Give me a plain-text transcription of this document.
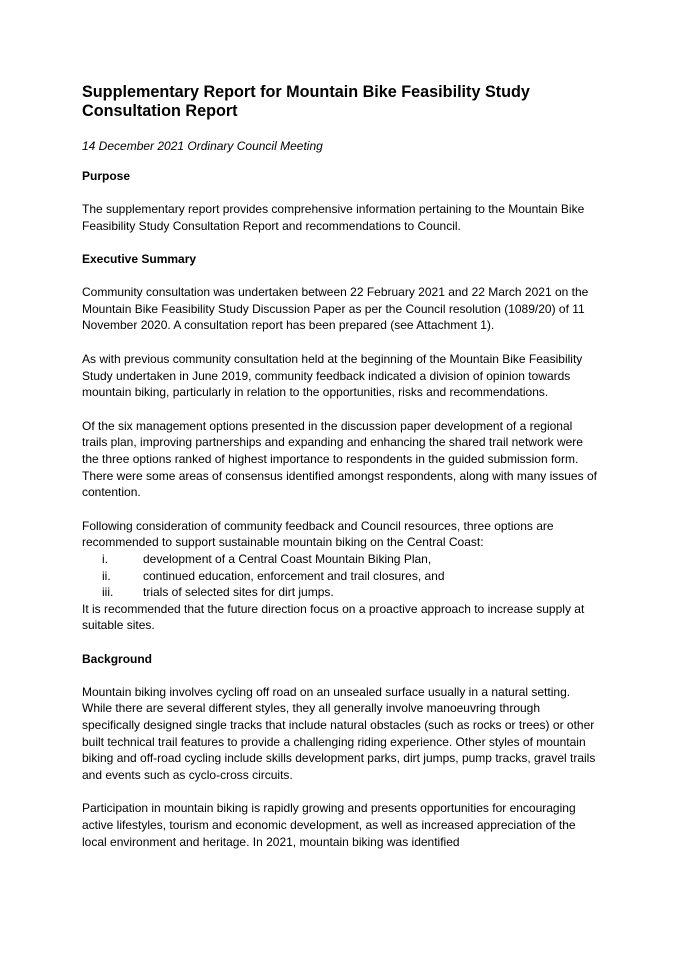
Supplementary Report for Mountain Bike Feasibility Study Consultation Report

14 December 2021 Ordinary Council Meeting

Purpose

The supplementary report provides comprehensive information pertaining to the Mountain Bike Feasibility Study Consultation Report and recommendations to Council.

Executive Summary

Community consultation was undertaken between 22 February 2021 and 22 March 2021 on the Mountain Bike Feasibility Study Discussion Paper as per the Council resolution (1089/20) of 11 November 2020. A consultation report has been prepared (see Attachment 1).

As with previous community consultation held at the beginning of the Mountain Bike Feasibility Study undertaken in June 2019, community feedback indicated a division of opinion towards mountain biking, particularly in relation to the opportunities, risks and recommendations.

Of the six management options presented in the discussion paper development of a regional trails plan, improving partnerships and expanding and enhancing the shared trail network were the three options ranked of highest importance to respondents in the guided submission form. There were some areas of consensus identified amongst respondents, along with many issues of contention.

Following consideration of community feedback and Council resources, three options are recommended to support sustainable mountain biking on the Central Coast:

i.	development of a Central Coast Mountain Biking Plan,
ii.	continued education, enforcement and trail closures, and
iii.	trials of selected sites for dirt jumps.

It is recommended that the future direction focus on a proactive approach to increase supply at suitable sites.

Background

Mountain biking involves cycling off road on an unsealed surface usually in a natural setting. While there are several different styles, they all generally involve manoeuvring through specifically designed single tracks that include natural obstacles (such as rocks or trees) or other built technical trail features to provide a challenging riding experience. Other styles of mountain biking and off-road cycling include skills development parks, dirt jumps, pump tracks, gravel trails and events such as cyclo-cross circuits.

Participation in mountain biking is rapidly growing and presents opportunities for encouraging active lifestyles, tourism and economic development, as well as increased appreciation of the local environment and heritage. In 2021, mountain biking was identified
